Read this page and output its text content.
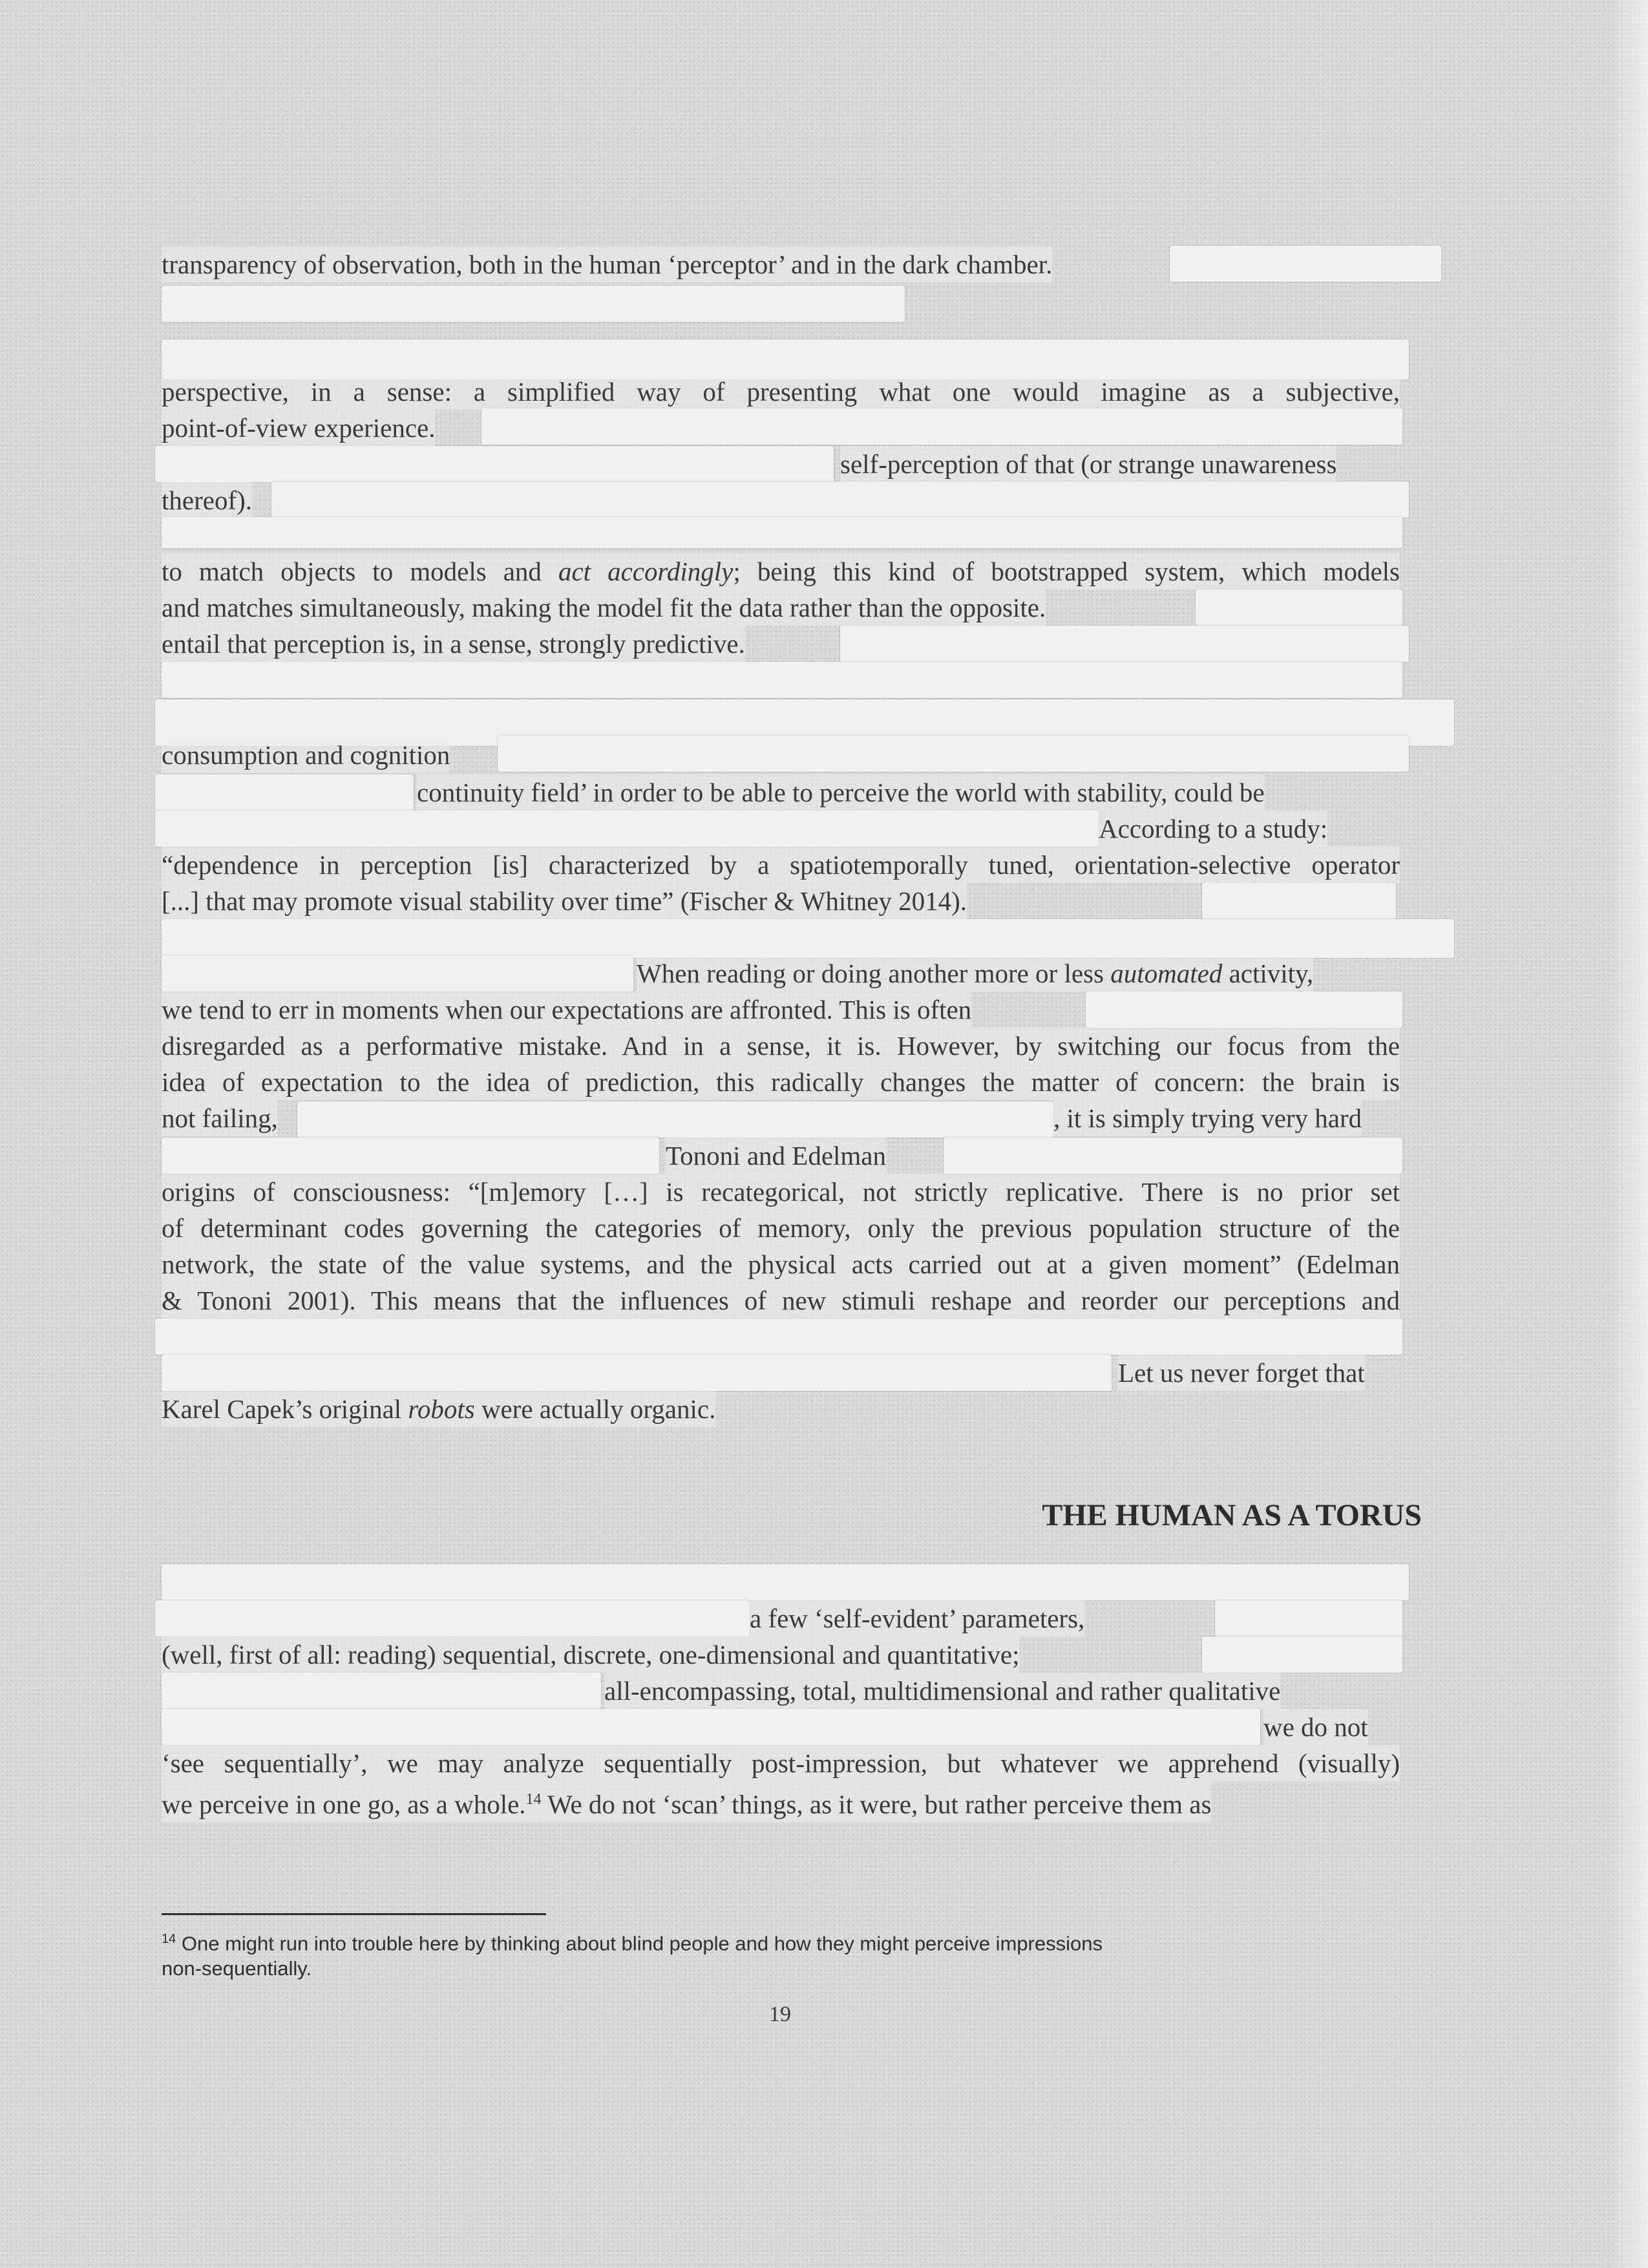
transparency of observation, both in the human ‘perceptor’ and in the dark chamber.
perspective, in a sense: a simplified way of presenting what one would imagine as a subjective,
point-of-view experience.
self-perception of that (or strange unawareness
thereof).
to match objects to models and act accordingly; being this kind of bootstrapped system, which models
and matches simultaneously, making the model fit the data rather than the opposite.
entail that perception is, in a sense, strongly predictive.
consumption and cognition
continuity field’ in order to be able to perceive the world with stability, could be
According to a study:
“dependence in perception [is] characterized by a spatiotemporally tuned, orientation-selective operator
[...] that may promote visual stability over time” (Fischer & Whitney 2014).
When reading or doing another more or less automated activity,
we tend to err in moments when our expectations are affronted. This is often
disregarded as a performative mistake. And in a sense, it is. However, by switching our focus from the
idea of expectation to the idea of prediction, this radically changes the matter of concern: the brain is
not failing,	, it is simply trying very hard
Tononi and Edelman
origins of consciousness: “[m]emory […] is recategorical, not strictly replicative. There is no prior set
of determinant codes governing the categories of memory, only the previous population structure of the
network, the state of the value systems, and the physical acts carried out at a given moment” (Edelman
& Tononi 2001). This means that the influences of new stimuli reshape and reorder our perceptions and
Let us never forget that
Karel Capek’s original robots were actually organic.
THE HUMAN AS A TORUS
a few ‘self-evident’ parameters,
(well, first of all: reading) sequential, discrete, one-dimensional and quantitative;
all-encompassing, total, multidimensional and rather qualitative
we do not
‘see sequentially’, we may analyze sequentially post-impression, but whatever we apprehend (visually)
we perceive in one go, as a whole.$^{14}$ We do not ‘scan’ things, as it were, but rather perceive them as
$^{14}$ One might run into trouble here by thinking about blind people and how they might perceive impressions
non-sequentially.
19
